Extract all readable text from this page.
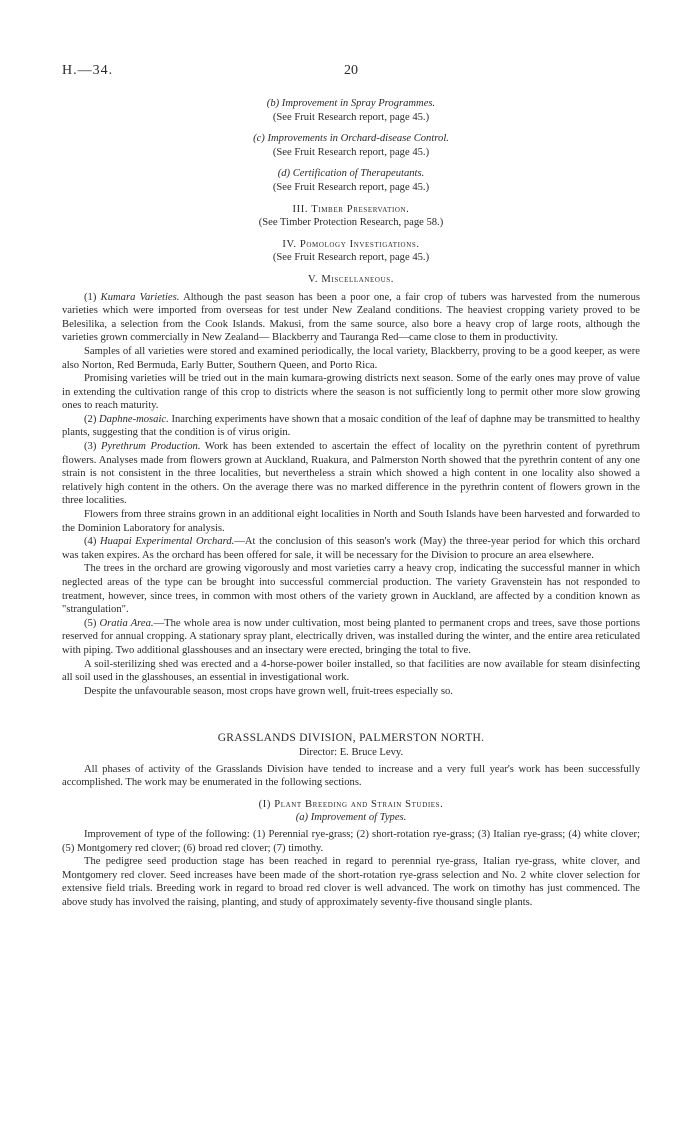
H.—34.	20
(b) Improvement in Spray Programmes.
(See Fruit Research report, page 45.)
(c) Improvements in Orchard-disease Control.
(See Fruit Research report, page 45.)
(d) Certification of Therapeutants.
(See Fruit Research report, page 45.)
III. Timber Preservation.
(See Timber Protection Research, page 58.)
IV. Pomology Investigations.
(See Fruit Research report, page 45.)
V. Miscellaneous.

(1) Kumara Varieties. Although the past season has been a poor one, a fair crop of tubers was harvested from the numerous varieties which were imported from overseas for test under New Zealand conditions. The heaviest cropping variety proved to be Belesilika, a selection from the Cook Islands. Makusi, from the same source, also bore a heavy crop of large roots, although the varieties grown commercially in New Zealand— Blackberry and Tauranga Red—came close to them in productivity.

Samples of all varieties were stored and examined periodically, the local variety, Blackberry, proving to be a good keeper, as were also Norton, Red Bermuda, Early Butter, Southern Queen, and Porto Rica.

Promising varieties will be tried out in the main kumara-growing districts next season. Some of the early ones may prove of value in extending the cultivation range of this crop to districts where the season is not sufficiently long to permit other more slow growing ones to reach maturity.

(2) Daphne-mosaic. Inarching experiments have shown that a mosaic condition of the leaf of daphne may be transmitted to healthy plants, suggesting that the condition is of virus origin.

(3) Pyrethrum Production. Work has been extended to ascertain the effect of locality on the pyrethrin content of pyrethrum flowers. Analyses made from flowers grown at Auckland, Ruakura, and Palmerston North showed that the pyrethrin content of any one strain is not consistent in the three localities, but nevertheless a strain which showed a high content in one locality also showed a relatively high content in the others. On the average there was no marked difference in the pyrethrin content of flowers grown in the three localities.

Flowers from three strains grown in an additional eight localities in North and South Islands have been harvested and forwarded to the Dominion Laboratory for analysis.

(4) Huapai Experimental Orchard.—At the conclusion of this season's work (May) the three-year period for which this orchard was taken expires. As the orchard has been offered for sale, it will be necessary for the Division to procure an area elsewhere.

The trees in the orchard are growing vigorously and most varieties carry a heavy crop, indicating the successful manner in which neglected areas of the type can be brought into successful commercial production. The variety Gravenstein has not responded to treatment, however, since trees, in common with most others of the variety grown in Auckland, are affected by a condition known as "strangulation".

(5) Oratia Area.—The whole area is now under cultivation, most being planted to permanent crops and trees, save those portions reserved for annual cropping. A stationary spray plant, electrically driven, was installed during the winter, and the entire area reticulated with piping. Two additional glasshouses and an insectary were erected, bringing the total to five.

A soil-sterilizing shed was erected and a 4-horse-power boiler installed, so that facilities are now available for steam disinfecting all soil used in the glasshouses, an essential in investigational work.

Despite the unfavourable season, most crops have grown well, fruit-trees especially so.

GRASSLANDS DIVISION, PALMERSTON NORTH.
Director: E. Bruce Levy.

All phases of activity of the Grasslands Division have tended to increase and a very full year's work has been successfully accomplished. The work may be enumerated in the following sections.

(I) Plant Breeding and Strain Studies.
(a) Improvement of Types.

Improvement of type of the following: (1) Perennial rye-grass; (2) short-rotation rye-grass; (3) Italian rye-grass; (4) white clover; (5) Montgomery red clover; (6) broad red clover; (7) timothy.

The pedigree seed production stage has been reached in regard to perennial rye-grass, Italian rye-grass, white clover, and Montgomery red clover. Seed increases have been made of the short-rotation rye-grass selection and No. 2 white clover selection for extensive field trials. Breeding work in regard to broad red clover is well advanced. The work on timothy has just commenced. The above study has involved the raising, planting, and study of approximately seventy-five thousand single plants.
